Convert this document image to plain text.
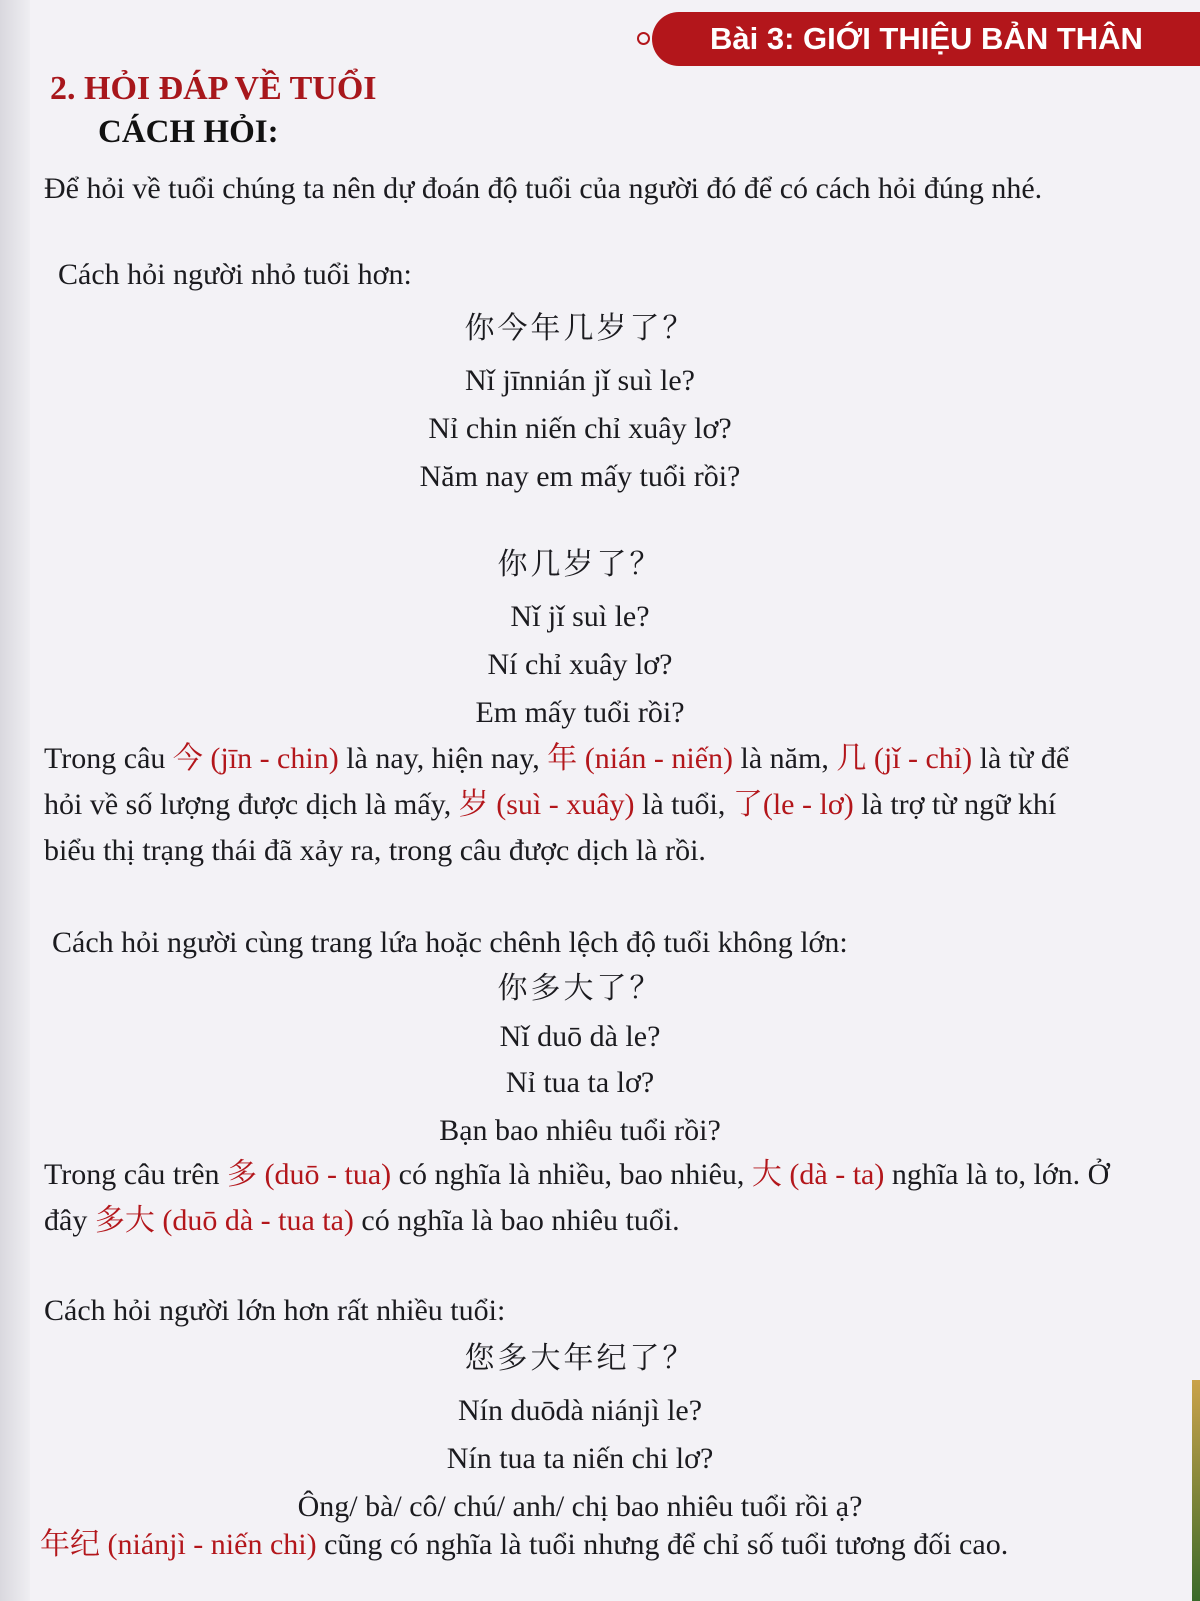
Bài 3: GIỚI THIỆU BẢN THÂN
2. HỎI ĐÁP VỀ TUỔI
CÁCH HỎI:

Để hỏi về tuổi chúng ta nên dự đoán độ tuổi của người đó để có cách hỏi đúng nhé.

Cách hỏi người nhỏ tuổi hơn:

你今年几岁了？

Nǐ jīnnián jǐ suì le?

Nỉ chin niến chỉ xuây lơ?

Năm nay em mấy tuổi rồi?

你几岁了？

Nǐ jǐ suì le?

Ní chỉ xuây lơ?

Em mấy tuổi rồi?

Trong câu 今 (jīn - chin) là nay, hiện nay, 年 (nián - niến) là năm, 几 (jǐ - chỉ) là từ để hỏi về số lượng được dịch là mấy, 岁 (suì - xuây) là tuổi, 了(le - lơ) là trợ từ ngữ khí biểu thị trạng thái đã xảy ra, trong câu được dịch là rồi.

Cách hỏi người cùng trang lứa hoặc chênh lệch độ tuổi không lớn:

你多大了？

Nǐ duō dà le?

Nỉ tua ta lơ?

Bạn bao nhiêu tuổi rồi?

Trong câu trên 多 (duō - tua) có nghĩa là nhiều, bao nhiêu, 大 (dà - ta) nghĩa là to, lớn. Ở đây 多大 (duō dà - tua ta) có nghĩa là bao nhiêu tuổi.

Cách hỏi người lớn hơn rất nhiều tuổi:

您多大年纪了？

Nín duōdà niánjì le?

Nín tua ta niến chi lơ?

Ông/ bà/ cô/ chú/ anh/ chị bao nhiêu tuổi rồi ạ?

年纪 (niánjì - niến chi) cũng có nghĩa là tuổi nhưng để chỉ số tuổi tương đối cao.
